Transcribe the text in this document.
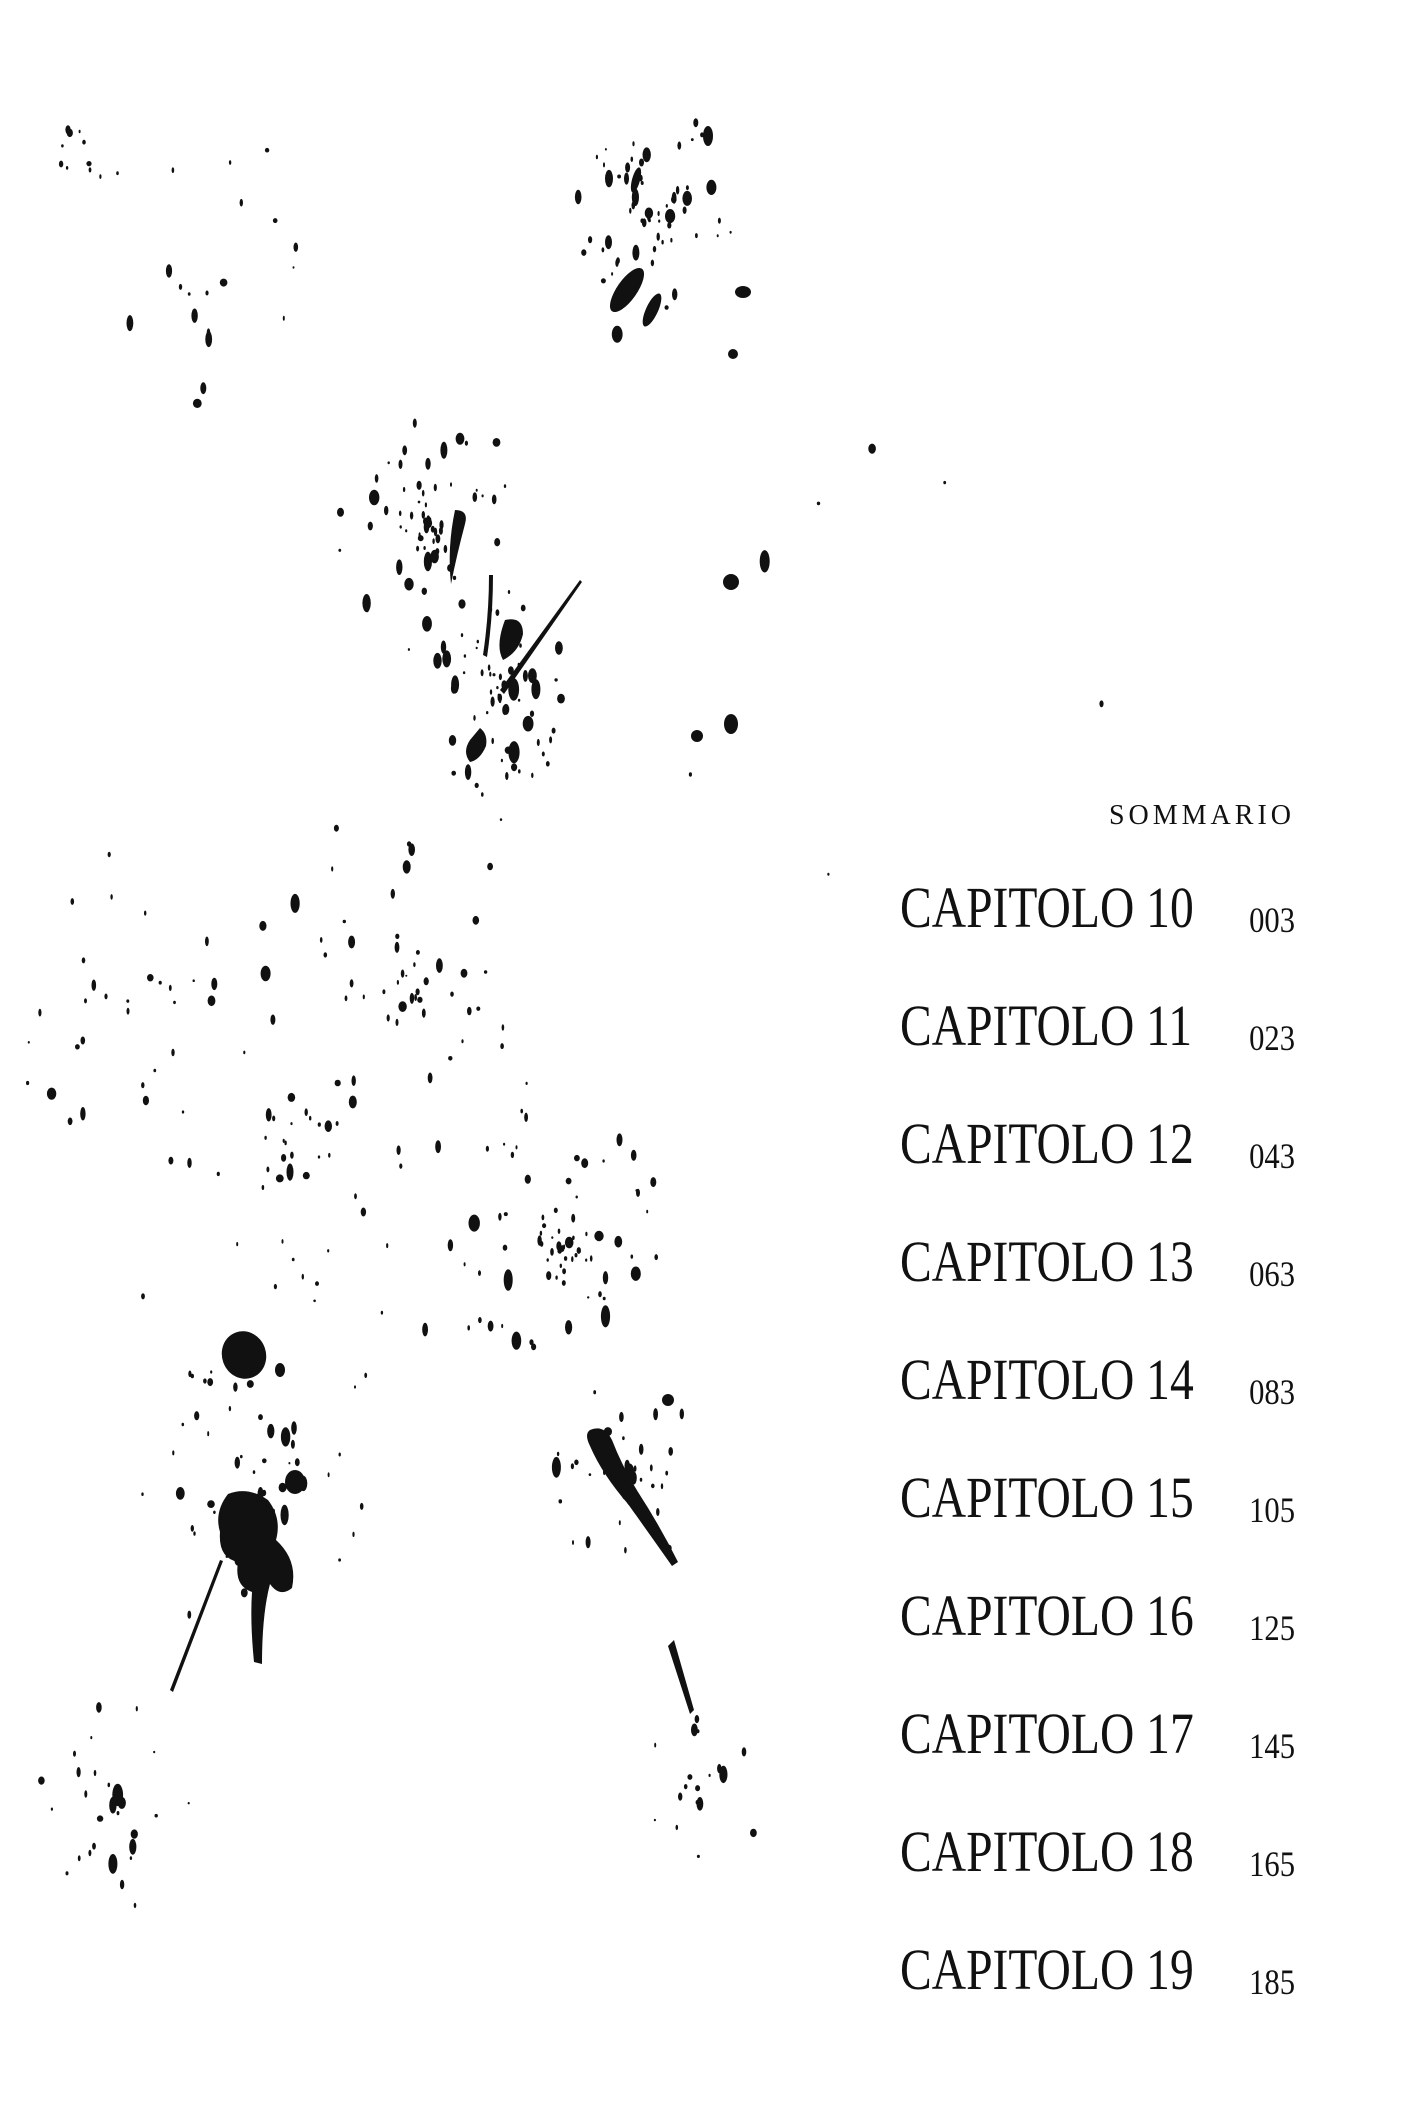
SOMMARIO
CAPITOLO 10 003
CAPITOLO 11 023
CAPITOLO 12 043
CAPITOLO 13 063
CAPITOLO 14 083
CAPITOLO 15 105
CAPITOLO 16 125
CAPITOLO 17 145
CAPITOLO 18 165
CAPITOLO 19 185
